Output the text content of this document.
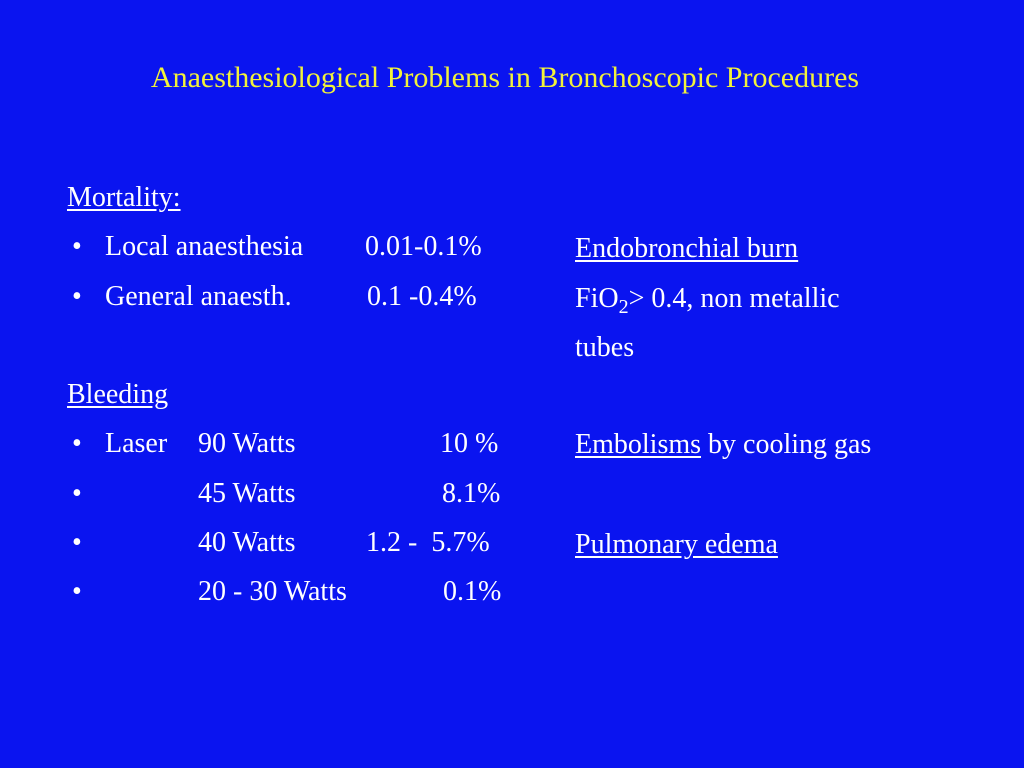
Anaesthesiological Problems in Bronchoscopic Procedures
Mortality:
• Local anaesthesia 0.01-0.1%
• General anaesth.	0.1 -0.4%
Bleeding
• Laser 90 Watts	10 %
•	45 Watts	8.1%
•	40 Watts	1.2 -  5.7%
•	20 - 30 Watts	0.1%
Endobronchial burn
FiO$_2$> 0.4, non metallic
tubes
Embolisms by cooling gas
Pulmonary edema
